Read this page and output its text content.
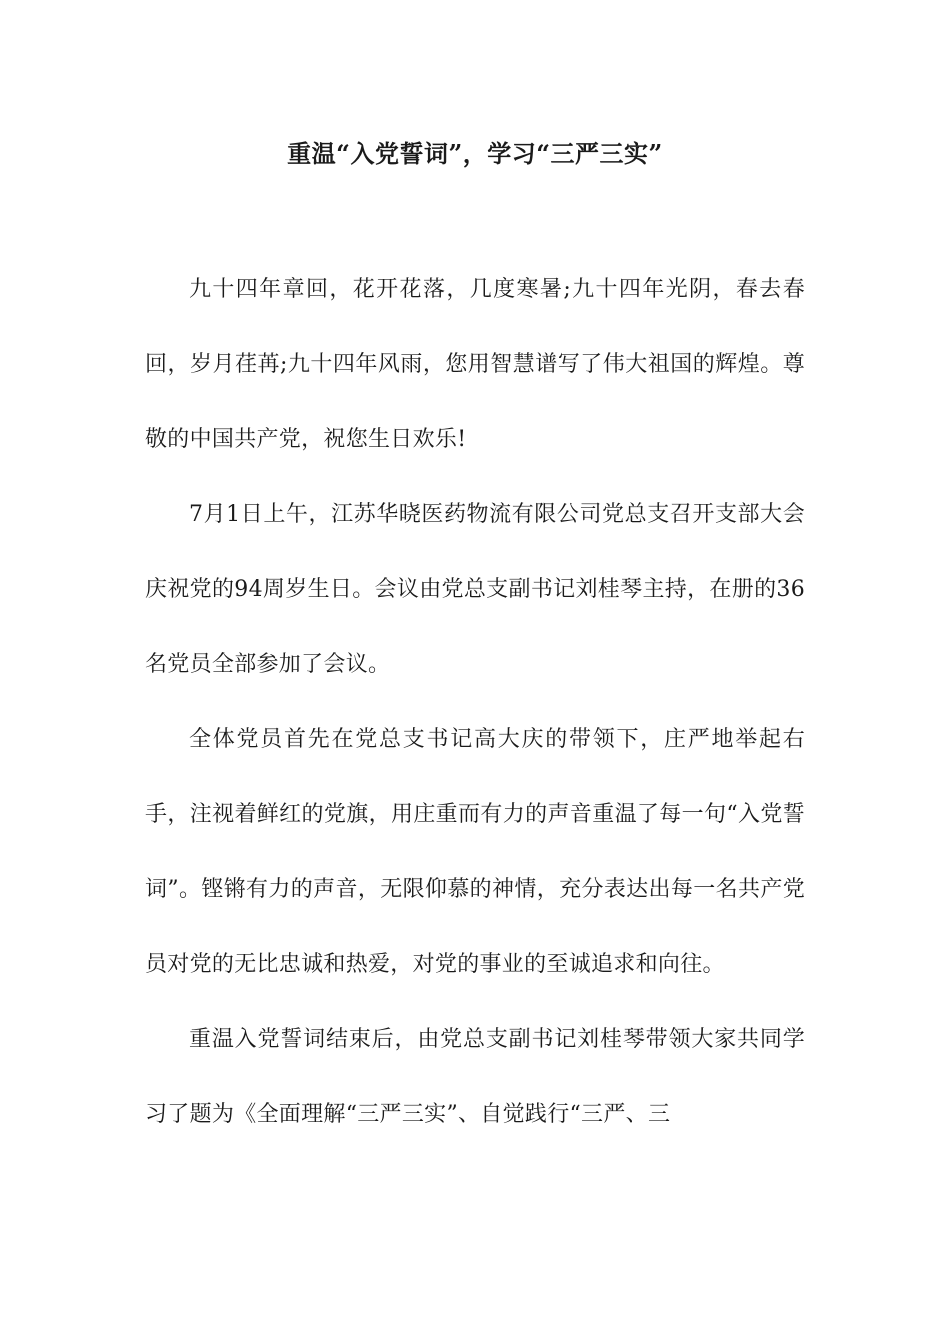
重温“入党誓词”，学习“三严三实”

九十四年章回，花开花落，几度寒暑;九十四年光阴，春去春回，岁月荏苒;九十四年风雨，您用智慧谱写了伟大祖国的辉煌。尊敬的中国共产党，祝您生日欢乐!

7月1日上午，江苏华晓医药物流有限公司党总支召开支部大会庆祝党的94周岁生日。会议由党总支副书记刘桂琴主持，在册的36名党员全部参加了会议。

全体党员首先在党总支书记高大庆的带领下，庄严地举起右手，注视着鲜红的党旗，用庄重而有力的声音重温了每一句“入党誓词”。铿锵有力的声音，无限仰慕的神情，充分表达出每一名共产党员对党的无比忠诚和热爱，对党的事业的至诚追求和向往。

重温入党誓词结束后，由党总支副书记刘桂琴带领大家共同学习了题为《全面理解“三严三实”、自觉践行“三严、三
